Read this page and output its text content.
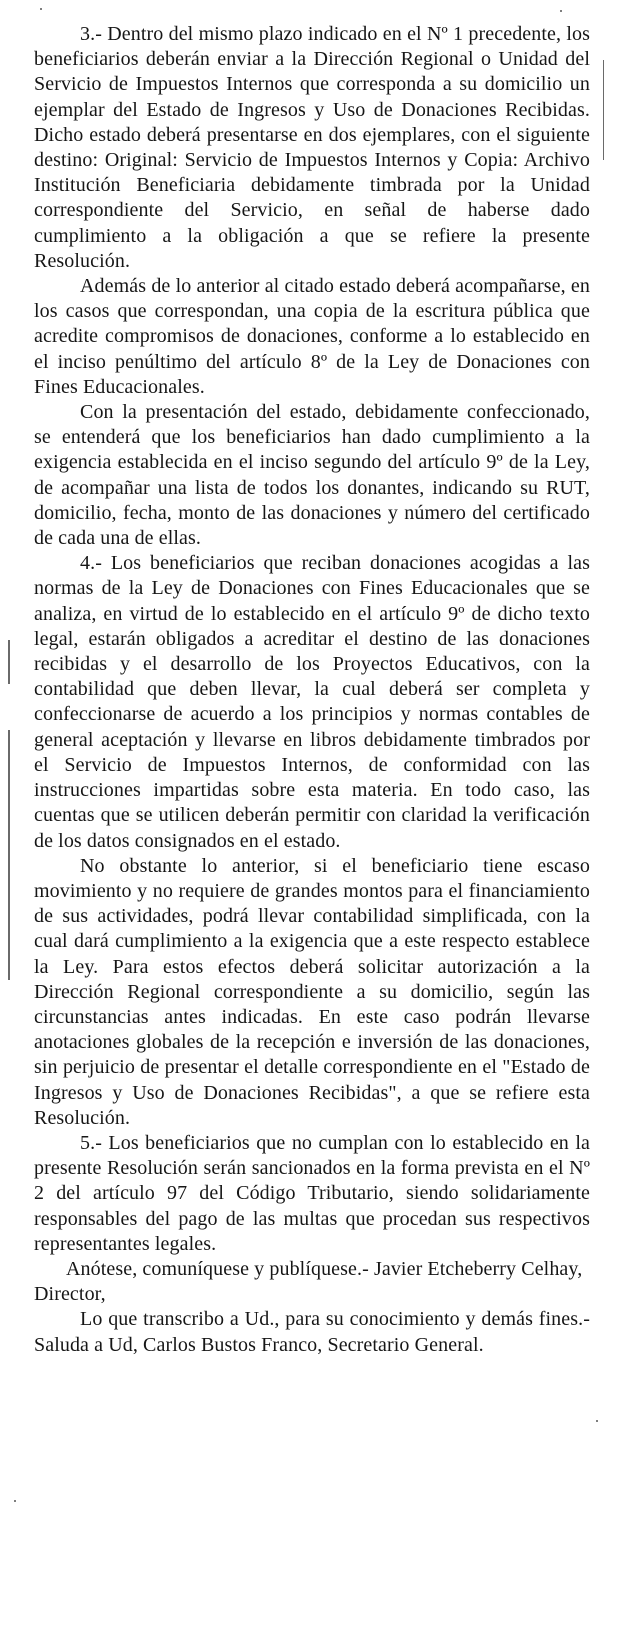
3.- Dentro del mismo plazo indicado en el Nº 1 precedente, los beneficiarios deberán enviar a la Dirección Regional o Unidad del Servicio de Impuestos Internos que corresponda a su domicilio un ejemplar del Estado de Ingresos y Uso de Donaciones Recibidas. Dicho estado deberá presentarse en dos ejemplares, con el siguiente destino: Original: Servicio de Impuestos Internos y Copia: Archivo Institución Beneficiaria debidamente timbrada por la Unidad correspondiente del Servicio, en señal de haberse dado cumplimiento a la obligación a que se refiere la presente Resolución.

Además de lo anterior al citado estado deberá acompañarse, en los casos que correspondan, una copia de la escritura pública que acredite compromisos de donaciones, conforme a lo establecido en el inciso penúltimo del artículo 8º de la Ley de Donaciones con Fines Educacionales.

Con la presentación del estado, debidamente confeccionado, se entenderá que los beneficiarios han dado cumplimiento a la exigencia establecida en el inciso segundo del artículo 9º de la Ley, de acompañar una lista de todos los donantes, indicando su RUT, domicilio, fecha, monto de las donaciones y número del certificado de cada una de ellas.

4.- Los beneficiarios que reciban donaciones acogidas a las normas de la Ley de Donaciones con Fines Educacionales que se analiza, en virtud de lo establecido en el artículo 9º de dicho texto legal, estarán obligados a acreditar el destino de las donaciones recibidas y el desarrollo de los Proyectos Educativos, con la contabilidad que deben llevar, la cual deberá ser completa y confeccionarse de acuerdo a los principios y normas contables de general aceptación y llevarse en libros debidamente timbrados por el Servicio de Impuestos Internos, de conformidad con las instrucciones impartidas sobre esta materia. En todo caso, las cuentas que se utilicen deberán permitir con claridad la verificación de los datos consignados en el estado.

No obstante lo anterior, si el beneficiario tiene escaso movimiento y no requiere de grandes montos para el financiamiento de sus actividades, podrá llevar contabilidad simplificada, con la cual dará cumplimiento a la exigencia que a este respecto establece la Ley. Para estos efectos deberá solicitar autorización a la Dirección Regional correspondiente a su domicilio, según las circunstancias antes indicadas. En este caso podrán llevarse anotaciones globales de la recepción e inversión de las donaciones, sin perjuicio de presentar el detalle correspondiente en el "Estado de Ingresos y Uso de Donaciones Recibidas", a que se refiere esta Resolución.

5.- Los beneficiarios que no cumplan con lo establecido en la presente Resolución serán sancionados en la forma prevista en el Nº 2 del artículo 97 del Código Tributario, siendo solidariamente responsables del pago de las multas que procedan sus respectivos representantes legales.

Anótese, comuníquese y publíquese.- Javier Etcheberry Celhay, Director,

Lo que transcribo a Ud., para su conocimiento y demás fines.- Saluda a Ud, Carlos Bustos Franco, Secretario General.
